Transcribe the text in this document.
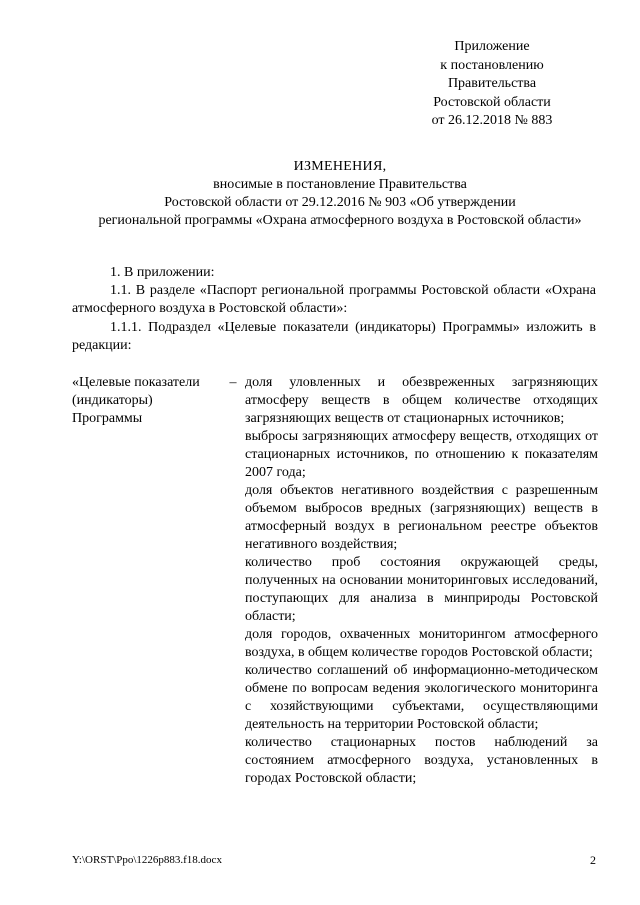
Приложение
к постановлению
Правительства
Ростовской области
от 26.12.2018 № 883
ИЗМЕНЕНИЯ,
вносимые в постановление Правительства
Ростовской области от 29.12.2016 № 903 «Об утверждении
региональной программы «Охрана атмосферного воздуха в Ростовской области»
1. В приложении:
1.1. В разделе «Паспорт региональной программы Ростовской области «Охрана атмосферного воздуха в Ростовской области»:
1.1.1. Подраздел «Целевые показатели (индикаторы) Программы» изложить в редакции:
«Целевые показатели (индикаторы) Программы
– доля уловленных и обезвреженных загрязняющих атмосферу веществ в общем количестве отходящих загрязняющих веществ от стационарных источников;
выбросы загрязняющих атмосферу веществ, отходящих от стационарных источников, по отношению к показателям 2007 года;
доля объектов негативного воздействия с разрешенным объемом выбросов вредных (загрязняющих) веществ в атмосферный воздух в региональном реестре объектов негативного воздействия;
количество проб состояния окружающей среды, полученных на основании мониторинговых исследований, поступающих для анализа в минприроды Ростовской области;
доля городов, охваченных мониторингом атмосферного воздуха, в общем количестве городов Ростовской области;
количество соглашений об информационно-методическом обмене по вопросам ведения экологического мониторинга с хозяйствующими субъектами, осуществляющими деятельность на территории Ростовской области;
количество стационарных постов наблюдений за состоянием атмосферного воздуха, установленных в городах Ростовской области;
Y:\ORST\Ppo\1226p883.f18.docx	2
